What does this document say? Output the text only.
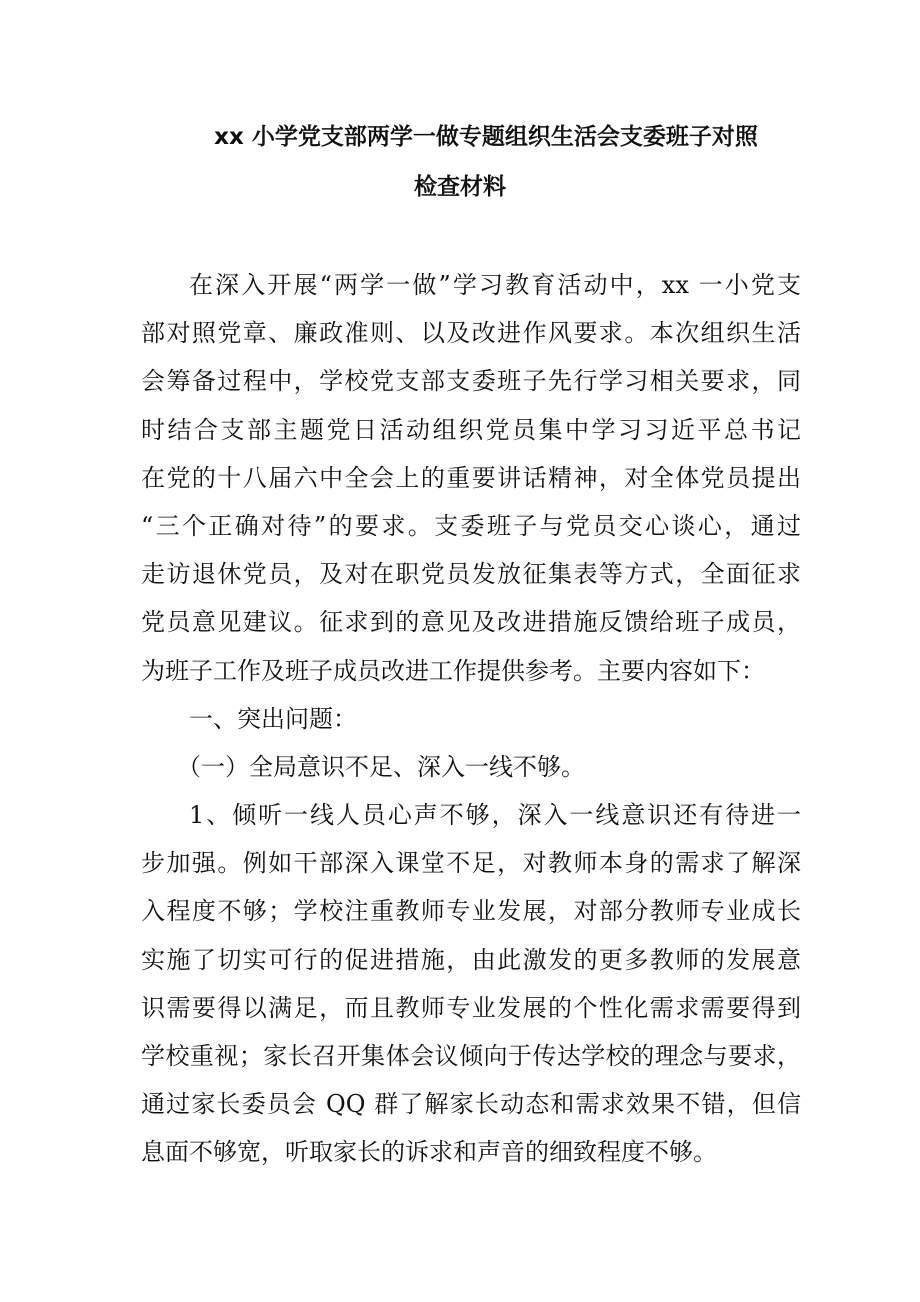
xx 小学党支部两学一做专题组织生活会支委班子对照
检查材料
在深入开展“两学一做”学习教育活动中，xx 一小党支
部对照党章、廉政准则、以及改进作风要求。本次组织生活
会筹备过程中，学校党支部支委班子先行学习相关要求，同
时结合支部主题党日活动组织党员集中学习习近平总书记
在党的十八届六中全会上的重要讲话精神，对全体党员提出
“三个正确对待”的要求。支委班子与党员交心谈心，通过
走访退休党员，及对在职党员发放征集表等方式，全面征求
党员意见建议。征求到的意见及改进措施反馈给班子成员，
为班子工作及班子成员改进工作提供参考。主要内容如下：
一、突出问题：
（一）全局意识不足、深入一线不够。
1、倾听一线人员心声不够，深入一线意识还有待进一
步加强。例如干部深入课堂不足，对教师本身的需求了解深
入程度不够；学校注重教师专业发展，对部分教师专业成长
实施了切实可行的促进措施，由此激发的更多教师的发展意
识需要得以满足，而且教师专业发展的个性化需求需要得到
学校重视；家长召开集体会议倾向于传达学校的理念与要求，
通过家长委员会 QQ 群了解家长动态和需求效果不错，但信
息面不够宽，听取家长的诉求和声音的细致程度不够。
